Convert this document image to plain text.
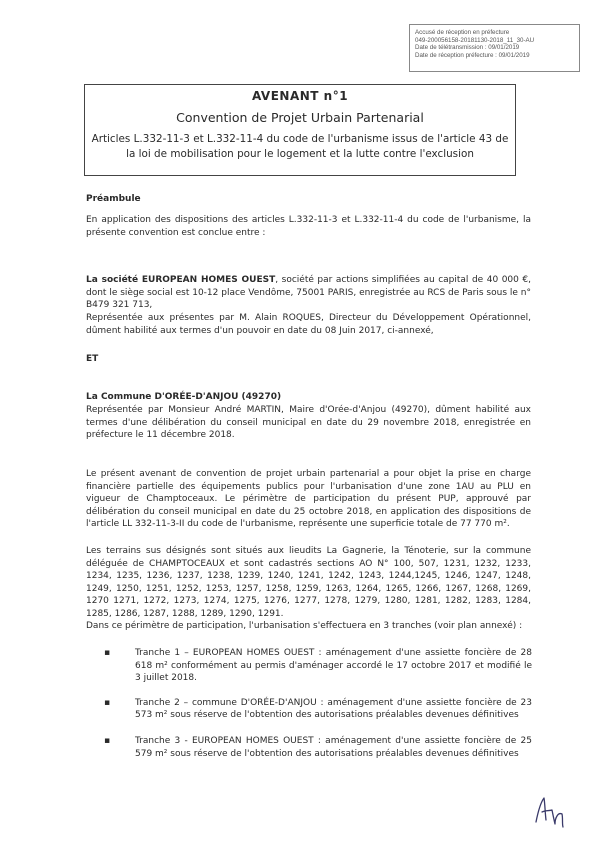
Accusé de réception en préfecture
049-200056158-20181130-2018_11_30-AU
Date de télétransmission : 09/01/2019
Date de réception préfecture : 09/01/2019
AVENANT n°1
Convention de Projet Urbain Partenarial
Articles L.332-11-3 et L.332-11-4 du code de l'urbanisme issus de l'article 43 de la loi de mobilisation pour le logement et la lutte contre l'exclusion
Préambule
En application des dispositions des articles L.332-11-3 et L.332-11-4 du code de l'urbanisme, la présente convention est conclue entre :
La société EUROPEAN HOMES OUEST, société par actions simplifiées au capital de 40 000 €, dont le siège social est 10-12 place Vendôme, 75001 PARIS, enregistrée au RCS de Paris sous le n° B479 321 713,
Représentée aux présentes par M. Alain ROQUES, Directeur du Développement Opérationnel, dûment habilité aux termes d'un pouvoir en date du 08 Juin 2017, ci-annexé,
ET
La Commune D'ORÉE-D'ANJOU (49270)
Représentée par Monsieur André MARTIN, Maire d'Orée-d'Anjou (49270), dûment habilité aux termes d'une délibération du conseil municipal en date du 29 novembre 2018, enregistrée en préfecture le 11 décembre 2018.
Le présent avenant de convention de projet urbain partenarial a pour objet la prise en charge financière partielle des équipements publics pour l'urbanisation d'une zone 1AU au PLU en vigueur de Champtoceaux. Le périmètre de participation du présent PUP, approuvé par délibération du conseil municipal en date du 25 octobre 2018, en application des dispositions de l'article LL 332-11-3-II du code de l'urbanisme, représente une superficie totale de 77 770 m².
Les terrains sus désignés sont situés aux lieudits La Gagnerie, la Ténoterie, sur la commune déléguée de CHAMPTOCEAUX et sont cadastrés sections AO N° 100, 507, 1231, 1232, 1233, 1234, 1235, 1236, 1237, 1238, 1239, 1240, 1241, 1242, 1243, 1244,1245, 1246, 1247, 1248, 1249, 1250, 1251, 1252, 1253, 1257, 1258, 1259, 1263, 1264, 1265, 1266, 1267, 1268, 1269, 1270 1271, 1272, 1273, 1274, 1275, 1276, 1277, 1278, 1279, 1280, 1281, 1282, 1283, 1284, 1285, 1286, 1287, 1288, 1289, 1290, 1291.
Dans ce périmètre de participation, l'urbanisation s'effectuera en 3 tranches (voir plan annexé) :
▪	Tranche 1 – EUROPEAN HOMES OUEST : aménagement d'une assiette foncière de 28 618 m² conformément au permis d'aménager accordé le 17 octobre 2017 et modifié le 3 juillet 2018.
▪	Tranche 2 – commune D'ORÉE-D'ANJOU : aménagement d'une assiette foncière de 23 573 m² sous réserve de l'obtention des autorisations préalables devenues définitives
▪	Tranche 3 - EUROPEAN HOMES OUEST : aménagement d'une assiette foncière de 25 579 m² sous réserve de l'obtention des autorisations préalables devenues définitives
